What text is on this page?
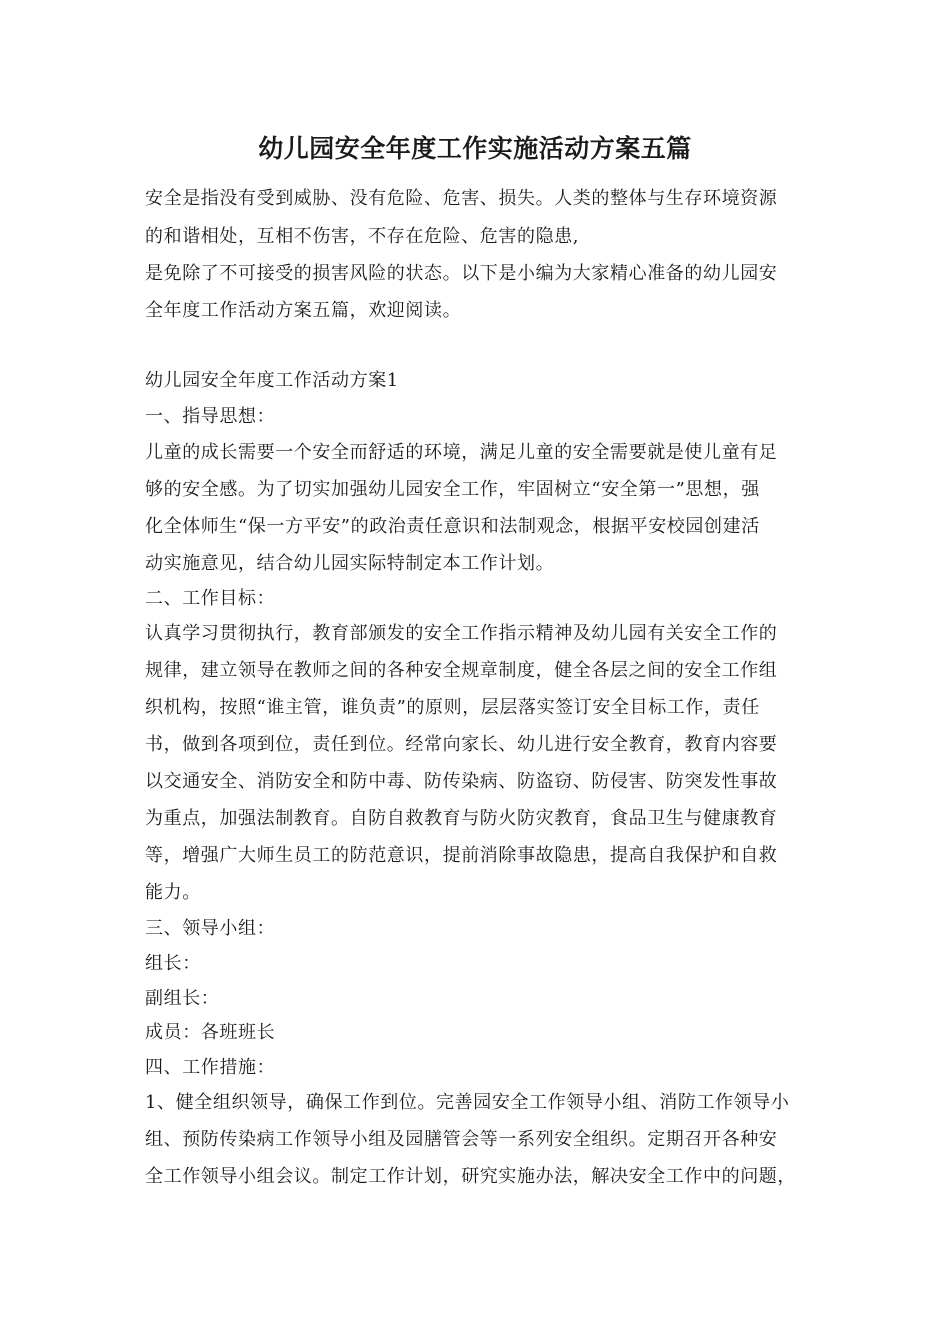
幼儿园安全年度工作实施活动方案五篇

安全是指没有受到威胁、没有危险、危害、损失。人类的整体与生存环境资源

的和谐相处，互相不伤害，不存在危险、危害的隐患,

是免除了不可接受的损害风险的状态。以下是小编为大家精心准备的幼儿园安

全年度工作活动方案五篇，欢迎阅读。

幼儿园安全年度工作活动方案1

一、指导思想：

儿童的成长需要一个安全而舒适的环境，满足儿童的安全需要就是使儿童有足

够的安全感。为了切实加强幼儿园安全工作，牢固树立“安全第一”思想，强

化全体师生“保一方平安”的政治责任意识和法制观念，根据平安校园创建活

动实施意见，结合幼儿园实际特制定本工作计划。

二、工作目标：

认真学习贯彻执行，教育部颁发的安全工作指示精神及幼儿园有关安全工作的

规律，建立领导在教师之间的各种安全规章制度，健全各层之间的安全工作组

织机构，按照“谁主管，谁负责”的原则，层层落实签订安全目标工作，责任

书，做到各项到位，责任到位。经常向家长、幼儿进行安全教育，教育内容要

以交通安全、消防安全和防中毒、防传染病、防盗窃、防侵害、防突发性事故

为重点，加强法制教育。自防自救教育与防火防灾教育，食品卫生与健康教育

等，增强广大师生员工的防范意识，提前消除事故隐患，提高自我保护和自救

能力。

三、领导小组：

组长：

副组长：

成员：各班班长

四、工作措施：

1、健全组织领导，确保工作到位。完善园安全工作领导小组、消防工作领导小

组、预防传染病工作领导小组及园膳管会等一系列安全组织。定期召开各种安

全工作领导小组会议。制定工作计划，研究实施办法，解决安全工作中的问题，
